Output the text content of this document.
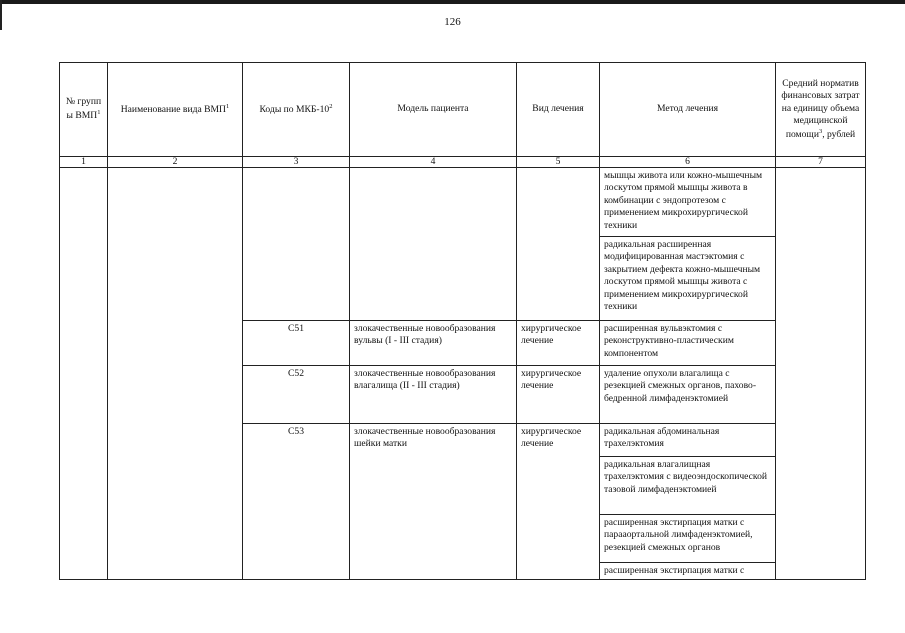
126
№ групп ы ВМП$^1$	Наименование вида ВМП$^1$	Коды по МКБ-$10^2$	Модель пациента	Вид лечения	Метод лечения	Средний норматив финансовых затрат на единицу объема медицинской помощи$^3$, рублей
1	2	3	4	5	6	7
					мышцы живота или кожно-мышечным лоскутом прямой мышцы живота в комбинации с эндопротезом с применением микрохирургической техники	
					радикальная расширенная модифицированная мастэктомия с закрытием дефекта кожно-мышечным лоскутом прямой мышцы живота с применением микрохирургической техники	
		C51	злокачественные новообразования вульвы (I - III стадия)	хирургическое лечение	расширенная вульвэктомия с реконструктивно-пластическим компонентом	
		C52	злокачественные новообразования влагалища (II - III стадия)	хирургическое лечение	удаление опухоли влагалища с резекцией смежных органов, пахово-бедренной лимфаденэктомией	
		C53	злокачественные новообразования шейки матки	хирургическое лечение	радикальная абдоминальная трахелэктомия	
					радикальная влагалищная трахелэктомия с видеоэндоскопической тазовой лимфаденэктомией	
					расширенная экстирпация матки с парааортальной лимфаденэктомией, резекцией смежных органов	
					расширенная экстирпация матки с	
